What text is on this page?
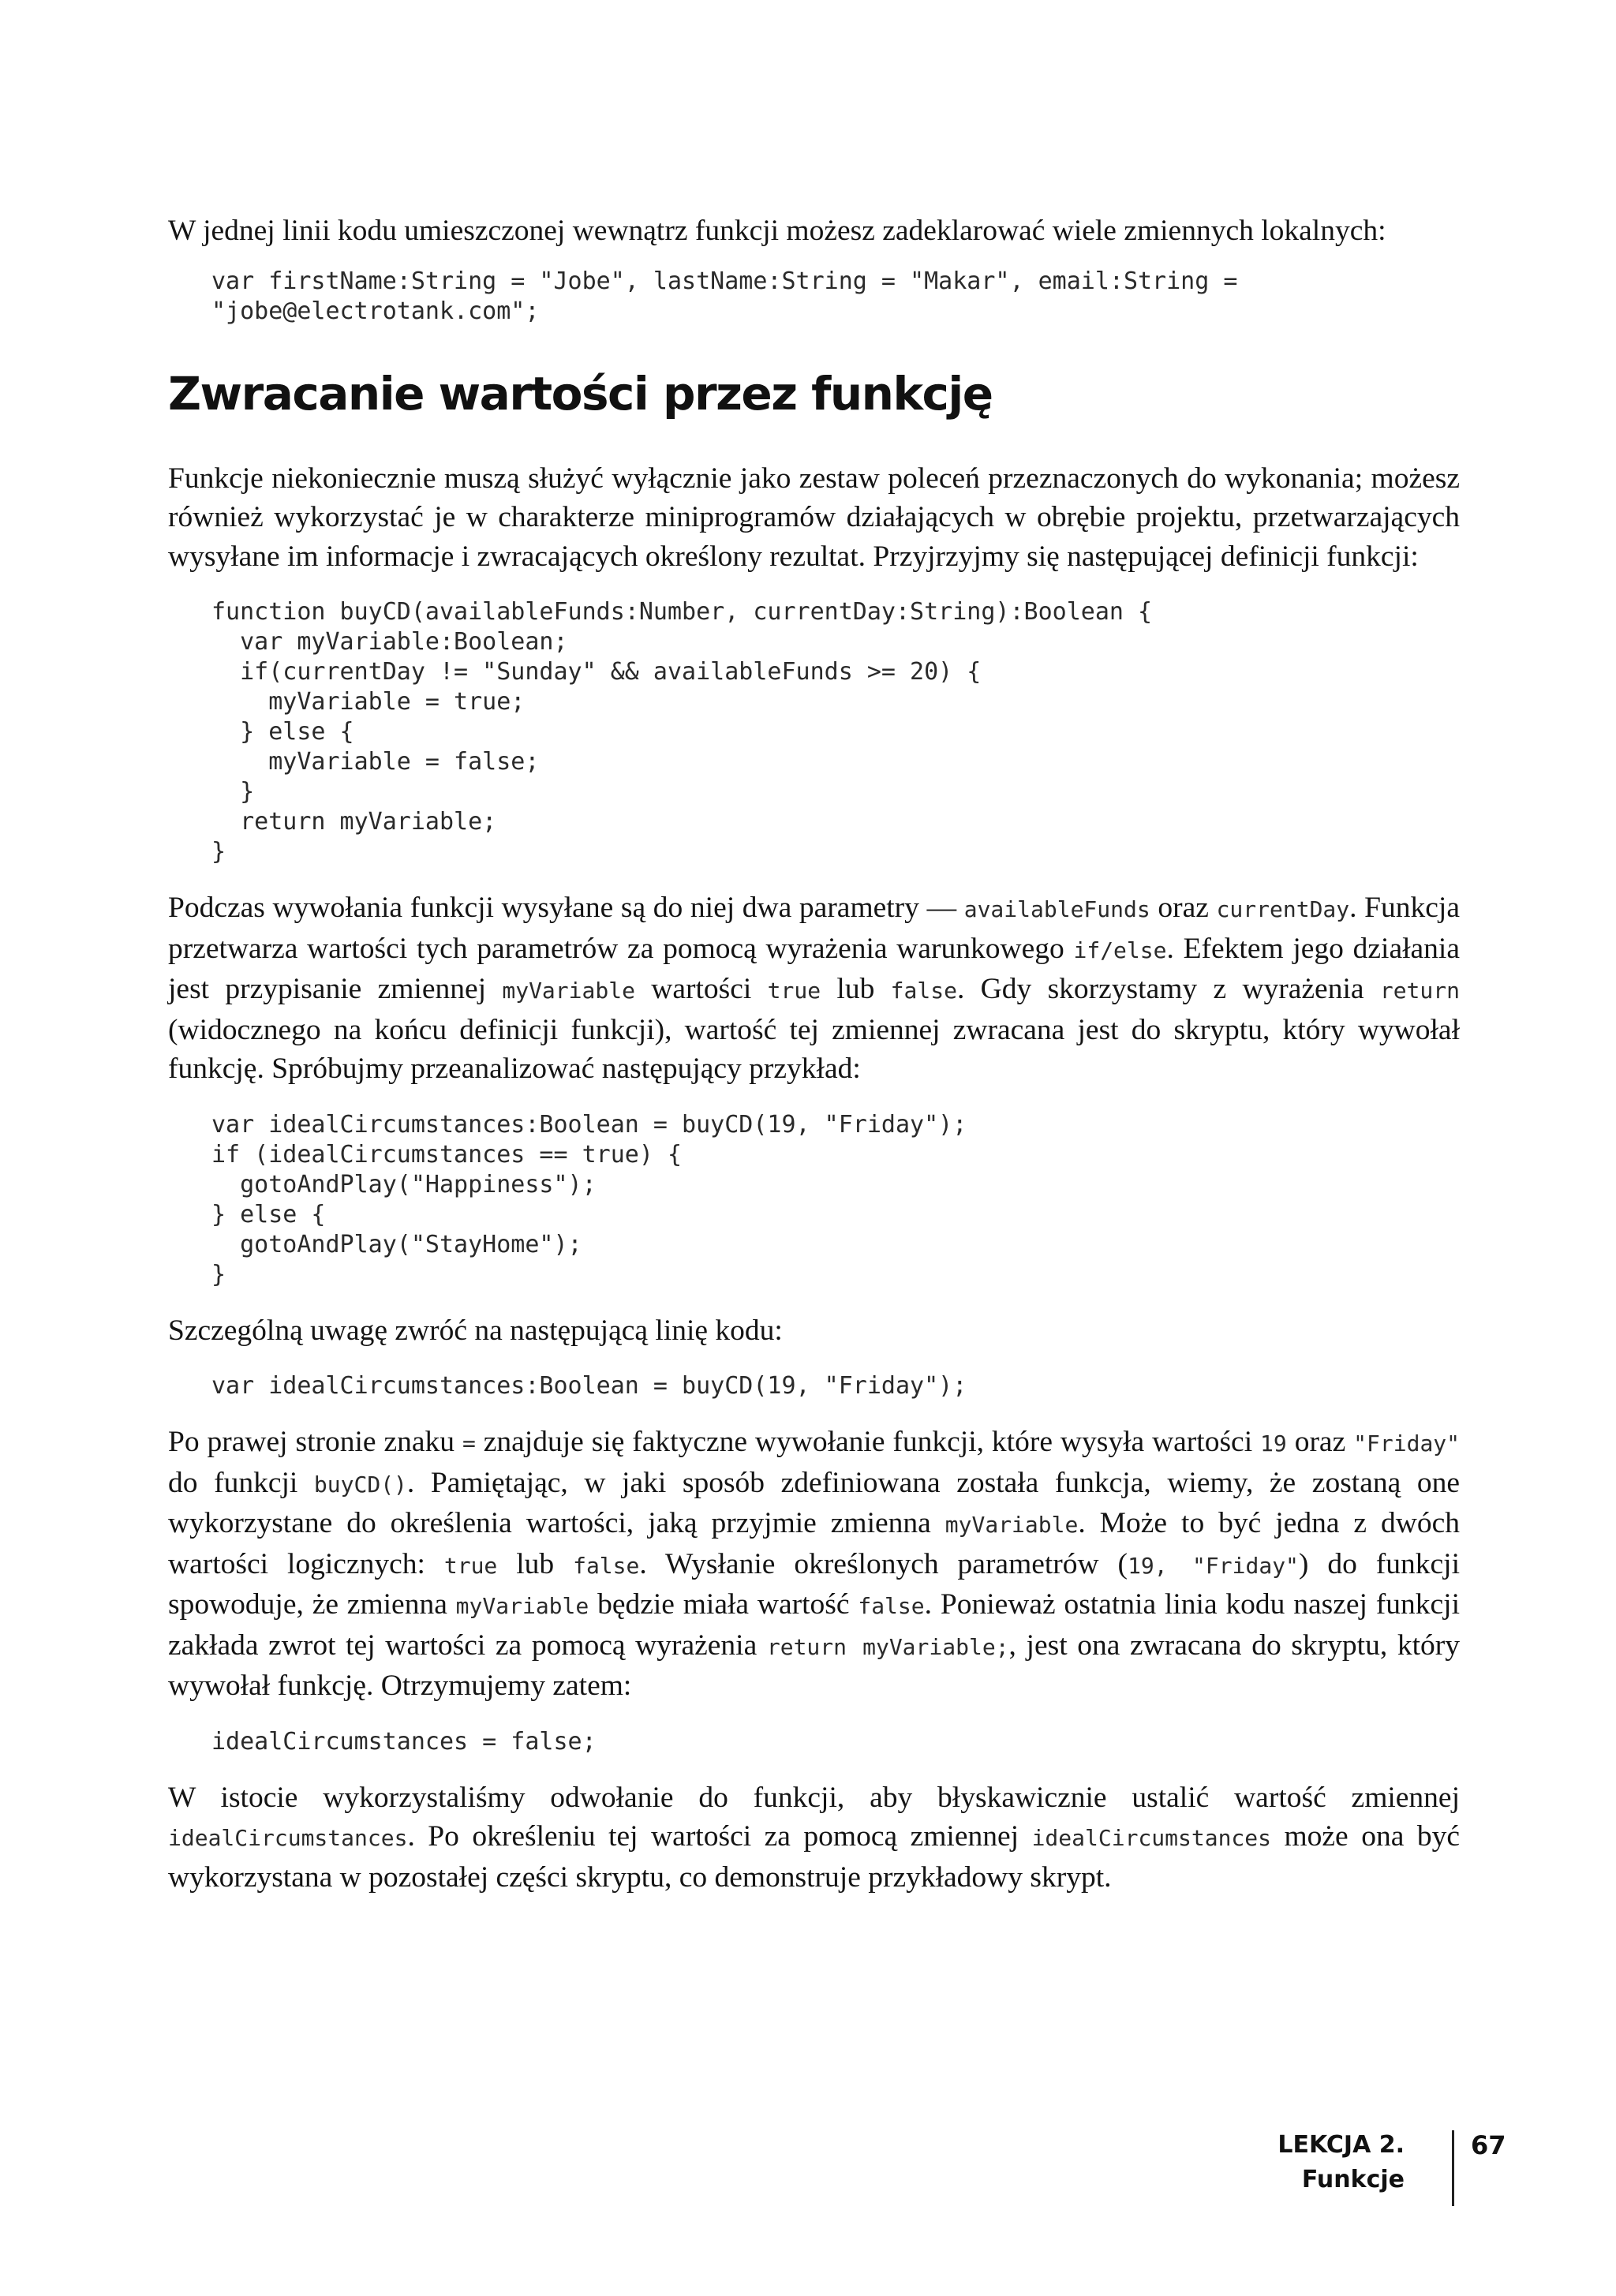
W jednej linii kodu umieszczonej wewnątrz funkcji możesz zadeklarować wiele zmiennych lokalnych:

var firstName:String = "Jobe", lastName:String = "Makar", email:String =
"jobe@electrotank.com";
Zwracanie wartości przez funkcję

Funkcje niekoniecznie muszą służyć wyłącznie jako zestaw poleceń przeznaczonych do wykonania; możesz również wykorzystać je w charakterze miniprogramów działających w obrębie projektu, przetwarzających wysyłane im informacje i zwracających określony rezultat. Przyjrzyjmy się następującej definicji funkcji:

function buyCD(availableFunds:Number, currentDay:String):Boolean {
var myVariable:Boolean;
if(currentDay != "Sunday" && availableFunds >= 20) {
myVariable = true;
} else {
myVariable = false;
}
return myVariable;
}

Podczas wywołania funkcji wysyłane są do niej dwa parametry — availableFunds oraz currentDay. Funkcja przetwarza wartości tych parametrów za pomocą wyrażenia warunkowego if/else. Efektem jego działania jest przypisanie zmiennej myVariable wartości true lub false. Gdy skorzystamy z wyrażenia return (widocznego na końcu definicji funkcji), wartość tej zmiennej zwracana jest do skryptu, który wywołał funkcję. Spróbujmy przeanalizować następujący przykład:

var idealCircumstances:Boolean = buyCD(19, "Friday");
if (idealCircumstances == true) {
gotoAndPlay("Happiness");
} else {
gotoAndPlay("StayHome");
}

Szczególną uwagę zwróć na następującą linię kodu:

var idealCircumstances:Boolean = buyCD(19, "Friday");

Po prawej stronie znaku = znajduje się faktyczne wywołanie funkcji, które wysyła wartości 19 oraz "Friday" do funkcji buyCD(). Pamiętając, w jaki sposób zdefiniowana została funkcja, wiemy, że zostaną one wykorzystane do określenia wartości, jaką przyjmie zmienna myVariable. Może to być jedna z dwóch wartości logicznych: true lub false. Wysłanie określonych parametrów (19, "Friday") do funkcji spowoduje, że zmienna myVariable będzie miała wartość false. Ponieważ ostatnia linia kodu naszej funkcji zakłada zwrot tej wartości za pomocą wyrażenia return myVariable;, jest ona zwracana do skryptu, który wywołał funkcję. Otrzymujemy zatem:

idealCircumstances = false;

W istocie wykorzystaliśmy odwołanie do funkcji, aby błyskawicznie ustalić wartość zmiennej idealCircumstances. Po określeniu tej wartości za pomocą zmiennej idealCircumstances może ona być wykorzystana w pozostałej części skryptu, co demonstruje przykładowy skrypt.

LEKCJA 2.
Funkcje
67
